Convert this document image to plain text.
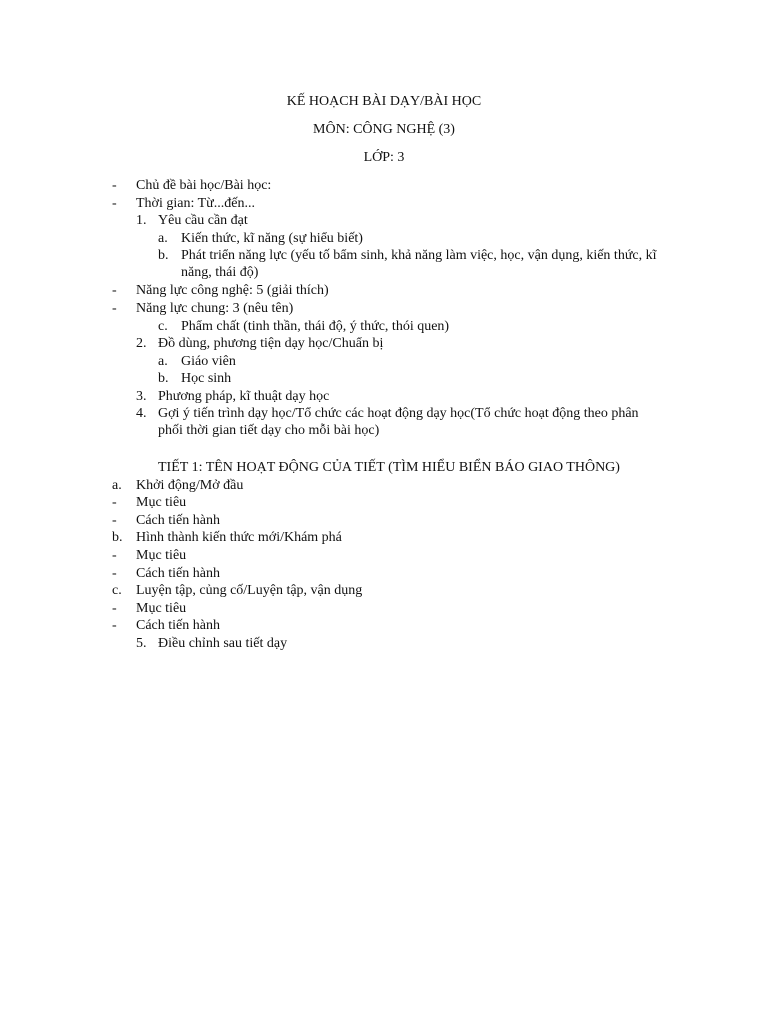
KẾ HOẠCH BÀI DẠY/BÀI HỌC
MÔN: CÔNG NGHỆ (3)
LỚP: 3
- Chủ đề bài học/Bài học:
- Thời gian: Từ...đến...
1. Yêu cầu cần đạt
a. Kiến thức, kĩ năng (sự hiểu biết)
b. Phát triển năng lực (yếu tố bẩm sinh, khả năng làm việc, học, vận dụng, kiến thức, kĩ năng, thái độ)
- Năng lực công nghệ: 5 (giải thích)
- Năng lực chung: 3 (nêu tên)
c. Phẩm chất (tinh thần, thái độ, ý thức, thói quen)
2. Đồ dùng, phương tiện dạy học/Chuẩn bị
a. Giáo viên
b. Học sinh
3. Phương pháp, kĩ thuật dạy học
4. Gợi ý tiến trình dạy học/Tổ chức các hoạt động dạy học(Tổ chức hoạt động theo phân phối thời gian tiết dạy cho mỗi bài học)
TIẾT 1: TÊN HOẠT ĐỘNG CỦA TIẾT (TÌM HIỂU BIỂN BÁO GIAO THÔNG)
a. Khởi động/Mở đầu
- Mục tiêu
- Cách tiến hành
b. Hình thành kiến thức mới/Khám phá
- Mục tiêu
- Cách tiến hành
c. Luyện tập, củng cố/Luyện tập, vận dụng
- Mục tiêu
- Cách tiến hành
5. Điều chỉnh sau tiết dạy
